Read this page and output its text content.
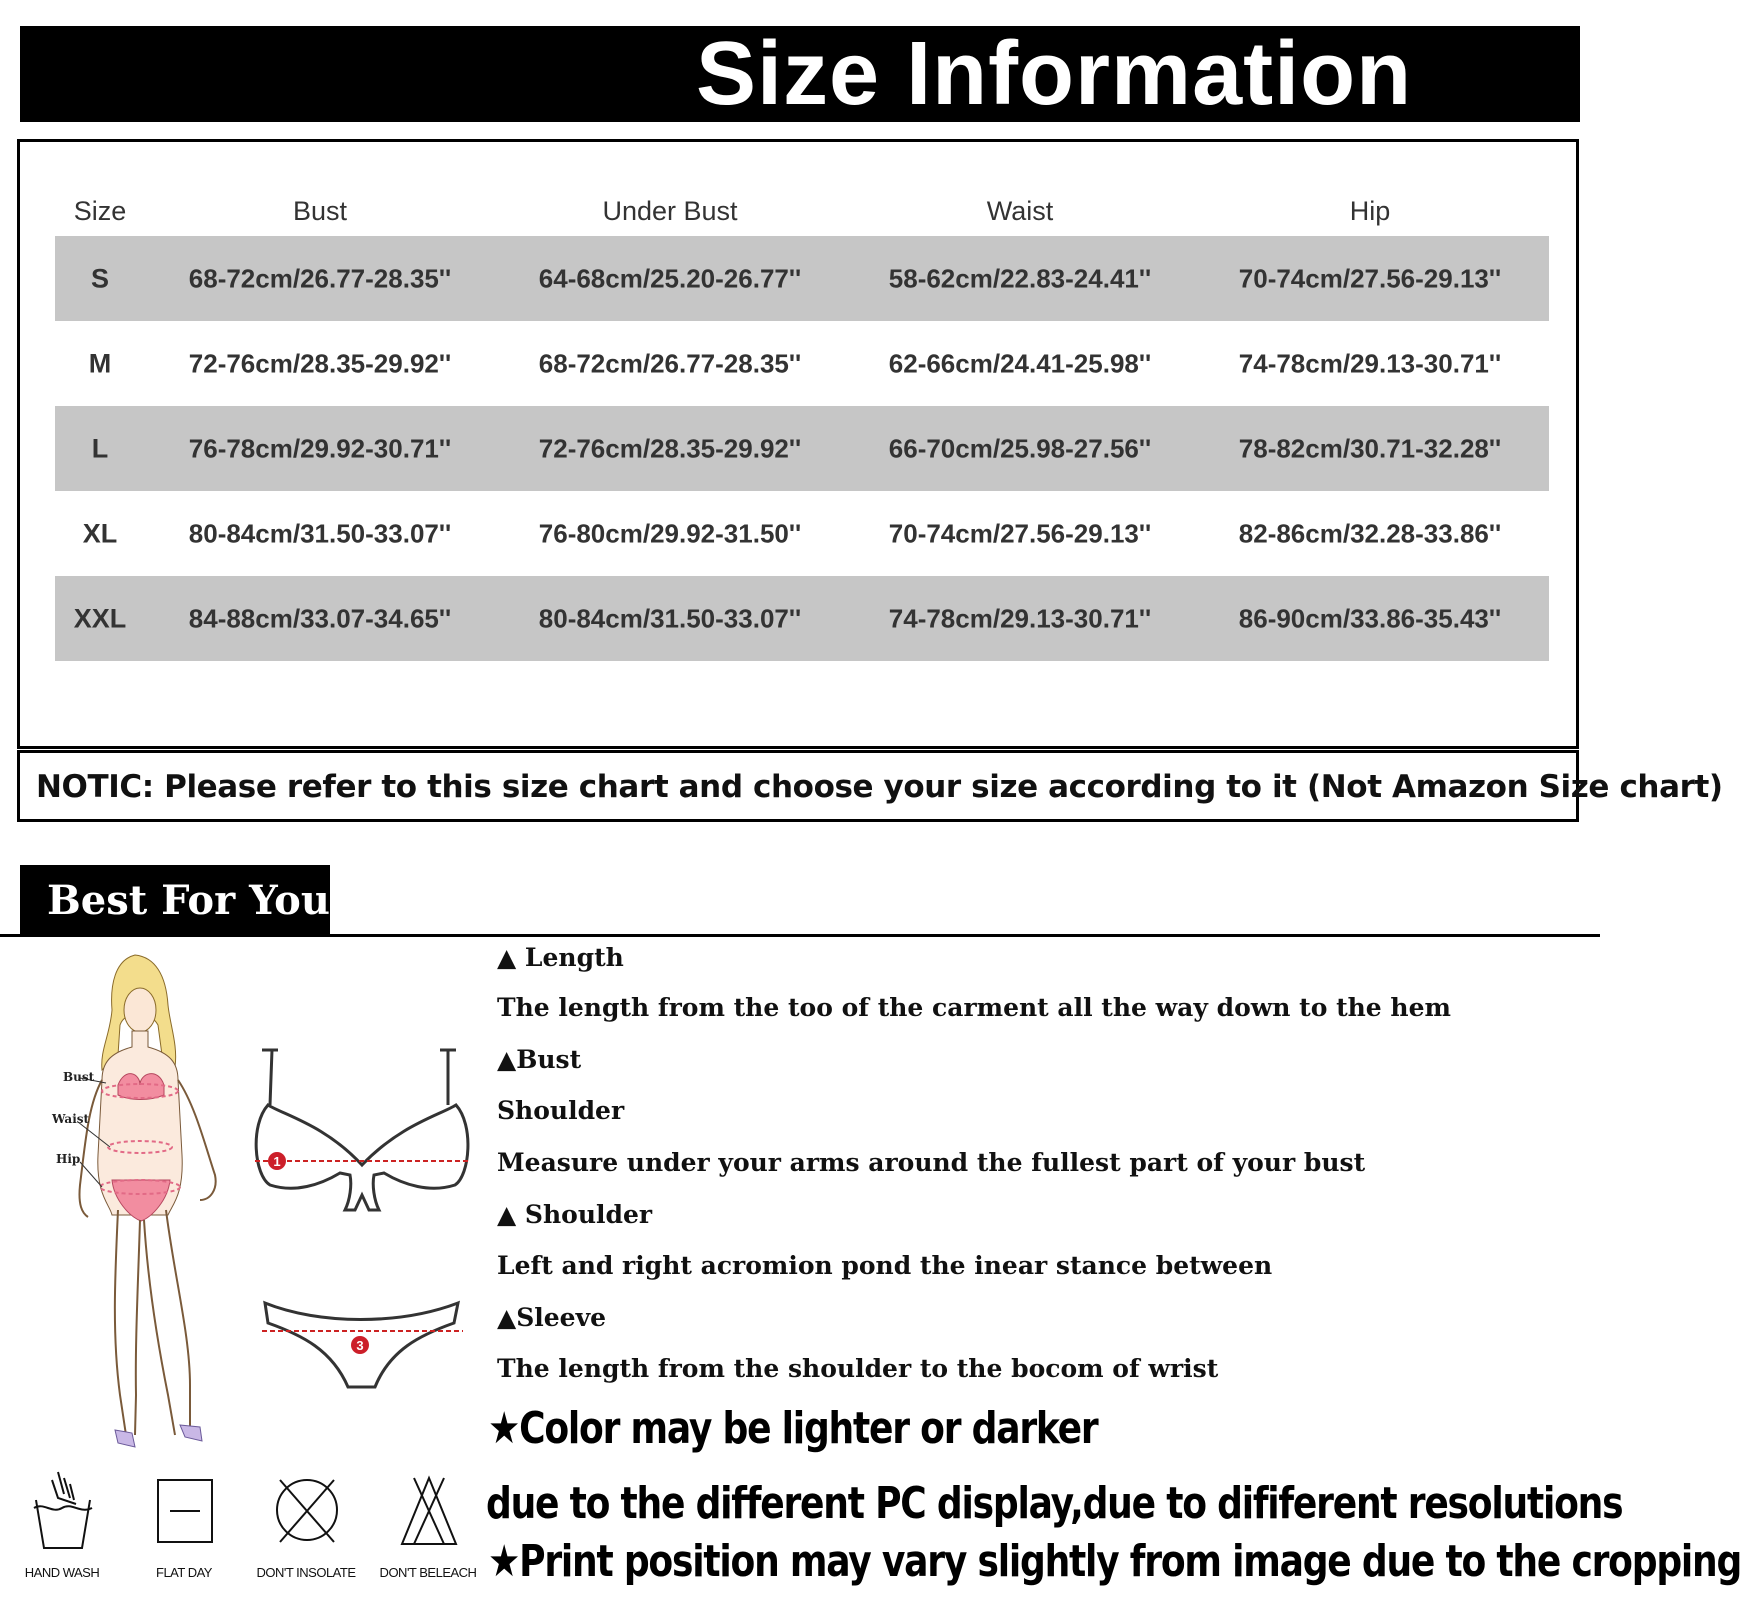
Size Information
Size	Bust	Under Bust	Waist	Hip
S	68-72cm/26.77-28.35''	64-68cm/25.20-26.77''	58-62cm/22.83-24.41''	70-74cm/27.56-29.13''
M	72-76cm/28.35-29.92''	68-72cm/26.77-28.35''	62-66cm/24.41-25.98''	74-78cm/29.13-30.71''
L	76-78cm/29.92-30.71''	72-76cm/28.35-29.92''	66-70cm/25.98-27.56''	78-82cm/30.71-32.28''
XL	80-84cm/31.50-33.07''	76-80cm/29.92-31.50''	70-74cm/27.56-29.13''	82-86cm/32.28-33.86''
XXL 84-88cm/33.07-34.65''	80-84cm/31.50-33.07''	74-78cm/29.13-30.71''	86-90cm/33.86-35.43''
NOTIC: Please refer to this size chart and choose your size according to it (Not Amazon Size chart)
Best For You
Bust
Waist
Hip	1
3
▲ Length
The length from the too of the carment all the way down to the hem
▲Bust
Shoulder
Measure under your arms around the fullest part of your bust
▲ Shoulder
Left and right acromion pond the inear stance between
▲Sleeve
The length from the shoulder to the bocom of wrist
★Color may be lighter or darker
due to the different PC display,due to dififerent resolutions
★Print position may vary slightly from image due to the cropping
HAND WASH	FLAT DAY	DON'T INSOLATE DON'T BELEACH
